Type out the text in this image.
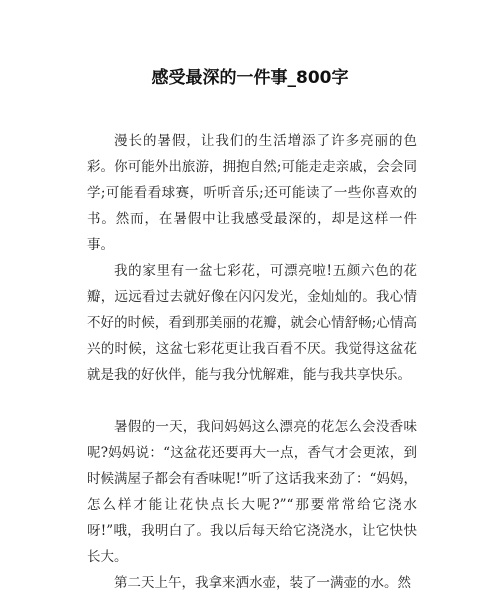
感受最深的一件事_800字

漫长的暑假，让我们的生活增添了许多亮丽的色彩。你可能外出旅游，拥抱自然;可能走走亲戚，会会同学;可能看看球赛，听听音乐;还可能读了一些你喜欢的书。然而，在暑假中让我感受最深的，却是这样一件事。

我的家里有一盆七彩花，可漂亮啦!五颜六色的花瓣，远远看过去就好像在闪闪发光，金灿灿的。我心情不好的时候，看到那美丽的花瓣，就会心情舒畅;心情高兴的时候，这盆七彩花更让我百看不厌。我觉得这盆花就是我的好伙伴，能与我分忧解难，能与我共享快乐。

暑假的一天，我问妈妈这么漂亮的花怎么会没香味呢?妈妈说：“这盆花还要再大一点，香气才会更浓，到时候满屋子都会有香味呢!”听了这话我来劲了：“妈妈，怎么样才能让花快点长大呢?”“那要常常给它浇水呀!”哦，我明白了。我以后每天给它浇浇水，让它快快长大。

第二天上午，我拿来洒水壶，装了一满壶的水。然
